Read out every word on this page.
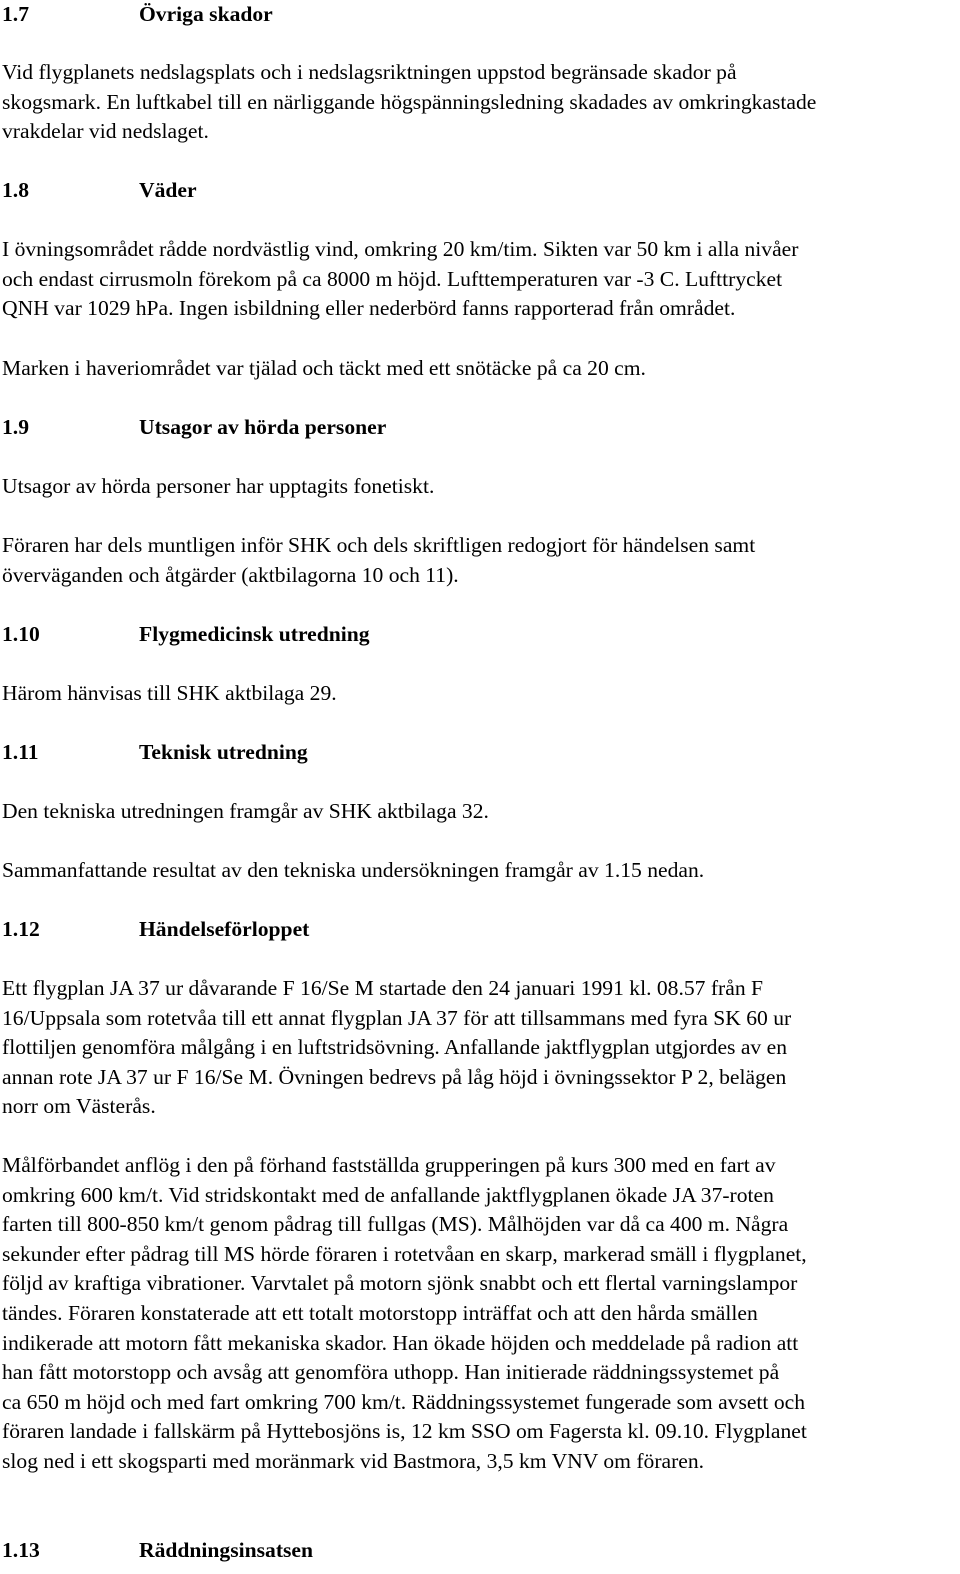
1.7	Övriga skador
Vid flygplanets nedslagsplats och i nedslagsriktningen uppstod begränsade skador på
skogsmark. En luftkabel till en närliggande högspänningsledning skadades av omkringkastade
vrakdelar vid nedslaget.
1.8	Väder
I övningsområdet rådde nordvästlig vind, omkring 20 km/tim. Sikten var 50 km i alla nivåer
och endast cirrusmoln förekom på ca 8000 m höjd. Lufttemperaturen var -3 C. Lufttrycket
QNH var 1029 hPa. Ingen isbildning eller nederbörd fanns rapporterad från området.
Marken i haveriområdet var tjälad och täckt med ett snötäcke på ca 20 cm.
1.9	Utsagor av hörda personer
Utsagor av hörda personer har upptagits fonetiskt.
Föraren har dels muntligen inför SHK och dels skriftligen redogjort för händelsen samt
överväganden och åtgärder (aktbilagorna 10 och 11).
1.10	Flygmedicinsk utredning
Härom hänvisas till SHK aktbilaga 29.
1.11	Teknisk utredning
Den tekniska utredningen framgår av SHK aktbilaga 32.
Sammanfattande resultat av den tekniska undersökningen framgår av 1.15 nedan.
1.12	Händelseförloppet
Ett flygplan JA 37 ur dåvarande F 16/Se M startade den 24 januari 1991 kl. 08.57 från F
16/Uppsala som rotetvåa till ett annat flygplan JA 37 för att tillsammans med fyra SK 60 ur
flottiljen genomföra målgång i en luftstridsövning. Anfallande jaktflygplan utgjordes av en
annan rote JA 37 ur F 16/Se M. Övningen bedrevs på låg höjd i övningssektor P 2, belägen
norr om Västerås.
Målförbandet anflög i den på förhand fastställda grupperingen på kurs 300 med en fart av
omkring 600 km/t. Vid stridskontakt med de anfallande jaktflygplanen ökade JA 37-roten
farten till 800-850 km/t genom pådrag till fullgas (MS). Målhöjden var då ca 400 m. Några
sekunder efter pådrag till MS hörde föraren i rotetvåan en skarp, markerad smäll i flygplanet,
följd av kraftiga vibrationer. Varvtalet på motorn sjönk snabbt och ett flertal varningslampor
tändes. Föraren konstaterade att ett totalt motorstopp inträffat och att den hårda smällen
indikerade att motorn fått mekaniska skador. Han ökade höjden och meddelade på radion att
han fått motorstopp och avsåg att genomföra uthopp. Han initierade räddningssystemet på
ca 650 m höjd och med fart omkring 700 km/t. Räddningssystemet fungerade som avsett och
föraren landade i fallskärm på Hyttebosjöns is, 12 km SSO om Fagersta kl. 09.10. Flygplanet
slog ned i ett skogsparti med moränmark vid Bastmora, 3,5 km VNV om föraren.
1.13	Räddningsinsatsen
